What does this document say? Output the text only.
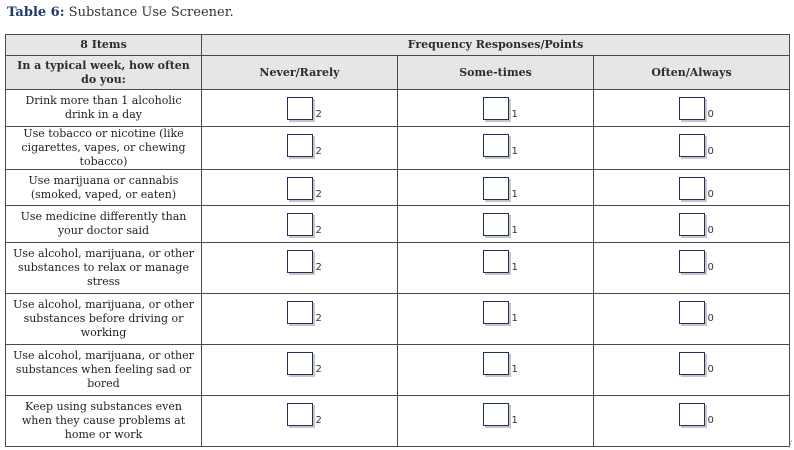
Table 6: Substance Use Screener.
8 Items	Frequency Responses/Points		
In a typical week, how often do you:	Never/Rarely	Some-times	Often/Always
Drink more than 1 alcoholic drink in a day	2	1	0

Use tobacco or nicotine (like cigarettes, vapes, or chewing tobacco)	2	1	0

Use marijuana or cannabis (smoked, vaped, or eaten)	2	1	0

Use medicine differently than your doctor said	2	1	0

Use alcohol, marijuana, or other substances to relax or manage stress	2	1	0

Use alcohol, marijuana, or other substances before driving or working	2	1	0

Use alcohol, marijuana, or other substances when feeling sad or bored	2	1	0

Keep using substances even when they cause problems at home or work	2	1	0
/
